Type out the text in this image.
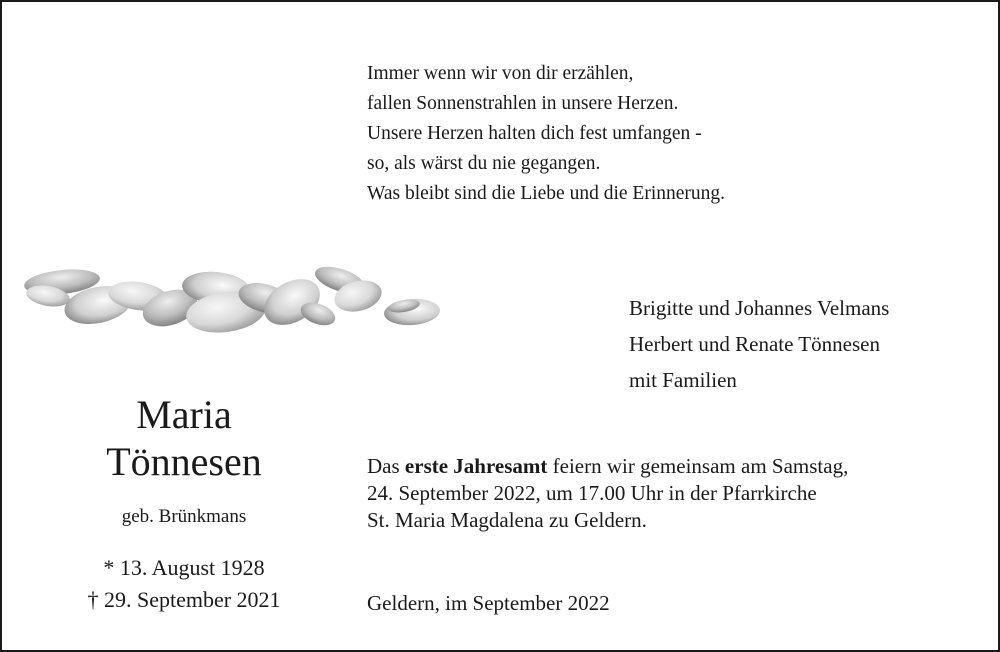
Immer wenn wir von dir erzählen,
fallen Sonnenstrahlen in unsere Herzen.
Unsere Herzen halten dich fest umfangen -
so, als wärst du nie gegangen.
Was bleibt sind die Liebe und die Erinnerung.
Brigitte und Johannes Velmans
Herbert und Renate Tönnesen
mit Familien
Maria
Tönnesen
geb. Brünkmans
* 13. August 1928
† 29. September 2021
Das erste Jahresamt feiern wir gemeinsam am Samstag,
24. September 2022, um 17.00 Uhr in der Pfarrkirche
St. Maria Magdalena zu Geldern.
Geldern, im September 2022
